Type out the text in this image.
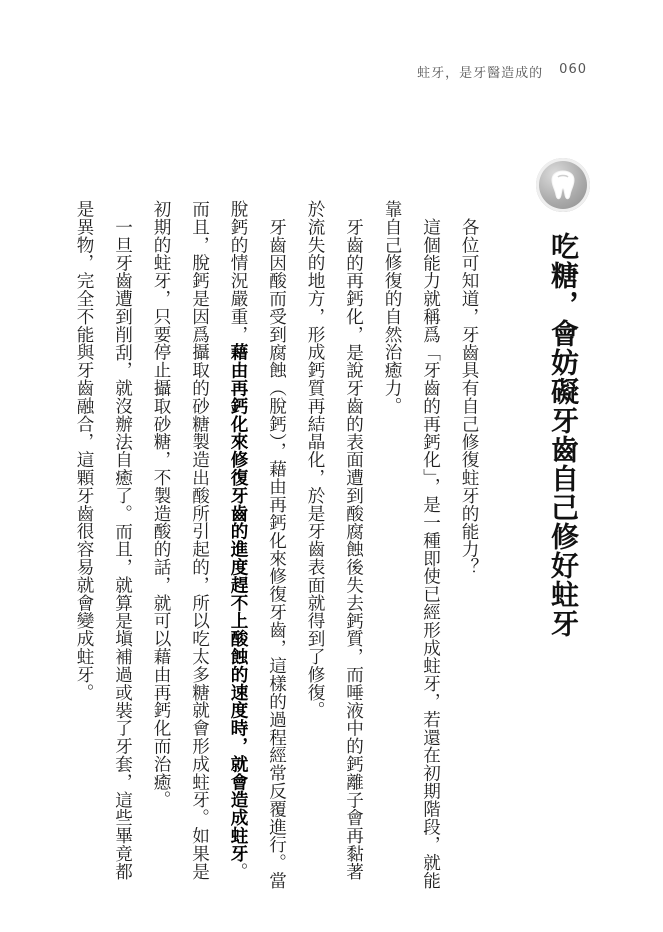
蛀牙，是牙醫造成的 060
吃糖，會妨礙牙齒自己修好蛀牙

各位可知道，牙齒具有自己修復蛀牙的能力？

這個能力就稱爲「牙齒的再鈣化」，是一種即使已經形成蛀牙，若還在初期階段，就能靠自己修復的自然治癒力。

牙齒的再鈣化，是說牙齒的表面遭到酸腐蝕後失去鈣質，而唾液中的鈣離子會再黏著於流失的地方，形成鈣質再結晶化，於是牙齒表面就得到了修復。

牙齒因酸而受到腐蝕（脫鈣），藉由再鈣化來修復牙齒，這樣的過程經常反覆進行。當脫鈣的情況嚴重，藉由再鈣化來修復牙齒的進度趕不上酸蝕的速度時，就會造成蛀牙。而且，脫鈣是因爲攝取的砂糖製造出酸所引起的，所以吃太多糖就會形成蛀牙。如果是初期的蛀牙，只要停止攝取砂糖，不製造酸的話，就可以藉由再鈣化而治癒。

一旦牙齒遭到削刮，就沒辦法自癒了。而且，就算是塡補過或裝了牙套，這些畢竟都是異物，完全不能與牙齒融合，這顆牙齒很容易就會變成蛀牙。
